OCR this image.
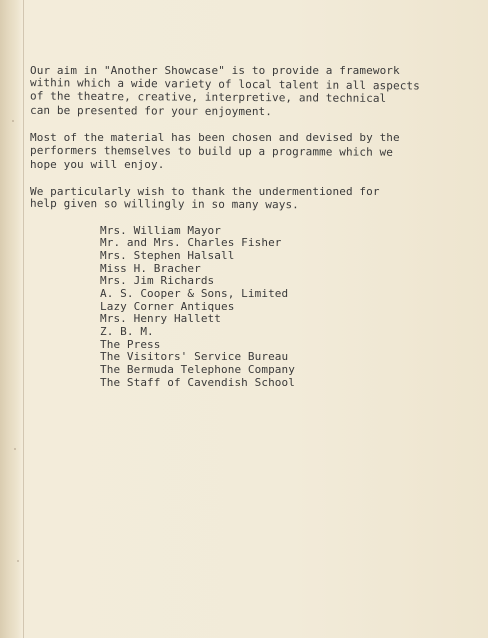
Our aim in "Another Showcase" is to provide a framework
within which a wide variety of local talent in all aspects
of the theatre, creative, interpretive, and technical
can be presented for your enjoyment.

Most of the material has been chosen and devised by the
performers themselves to build up a programme which we
hope you will enjoy.

We particularly wish to thank the undermentioned for
help given so willingly in so many ways.

Mrs. William Mayor
Mr. and Mrs. Charles Fisher
Mrs. Stephen Halsall
Miss H. Bracher
Mrs. Jim Richards
A. S. Cooper & Sons, Limited
Lazy Corner Antiques
Mrs. Henry Hallett
Z. B. M.
The Press
The Visitors' Service Bureau
The Bermuda Telephone Company
The Staff of Cavendish School
